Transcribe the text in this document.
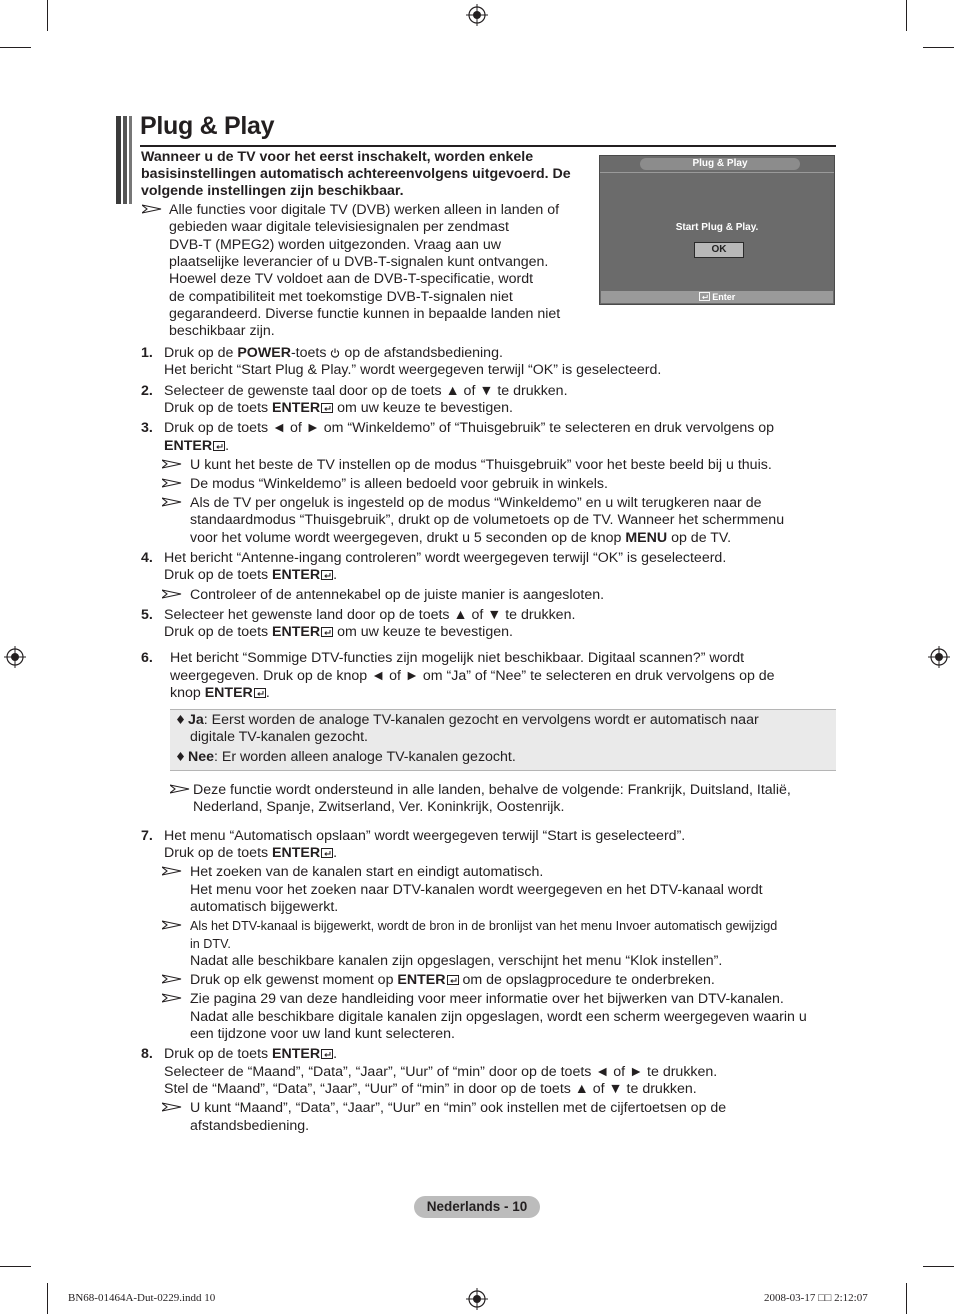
Plug & Play
Wanneer u de TV voor het eerst inschakelt, worden enkele
basisinstellingen automatisch achtereenvolgens uitgevoerd. De
volgende instellingen zijn beschikbaar.
Alle functies voor digitale TV (DVB) werken alleen in landen of
gebieden waar digitale televisiesignalen per zendmast
DVB-T (MPEG2) worden uitgezonden. Vraag aan uw
plaatselijke leverancier of u DVB-T-signalen kunt ontvangen.
Hoewel deze TV voldoet aan de DVB-T-specificatie, wordt
de compatibiliteit met toekomstige DVB-T-signalen niet
gegarandeerd. Diverse functie kunnen in bepaalde landen niet
beschikbaar zijn.
Plug & Play
Start Plug & Play.
OK
Enter
1. Druk op de POWER-toets op de afstandsbediening.
Het bericht “Start Plug & Play.” wordt weergegeven terwijl “OK” is geselecteerd.
2. Selecteer de gewenste taal door op de toets ▲ of ▼ te drukken.
Druk op de toets ENTER om uw keuze te bevestigen.
3. Druk op de toets ◄ of ► om “Winkeldemo” of “Thuisgebruik” te selecteren en druk vervolgens op
ENTER .
U kunt het beste de TV instellen op de modus “Thuisgebruik” voor het beste beeld bij u thuis.
De modus “Winkeldemo” is alleen bedoeld voor gebruik in winkels.
Als de TV per ongeluk is ingesteld op de modus “Winkeldemo” en u wilt terugkeren naar de
standaardmodus “Thuisgebruik”, drukt op de volumetoets op de TV. Wanneer het schermmenu
voor het volume wordt weergegeven, drukt u 5 seconden op de knop MENU op de TV.
4. Het bericht “Antenne-ingang controleren” wordt weergegeven terwijl “OK” is geselecteerd.
Druk op de toets ENTER .
Controleer of de antennekabel op de juiste manier is aangesloten.
5. Selecteer het gewenste land door op de toets ▲ of ▼ te drukken.
Druk op de toets ENTER om uw keuze te bevestigen.
6. Het bericht “Sommige DTV-functies zijn mogelijk niet beschikbaar. Digitaal scannen?” wordt
weergegeven. Druk op de knop ◄ of ► om “Ja” of “Nee” te selecteren en druk vervolgens op de
knop ENTER .
Ja: Eerst worden de analoge TV-kanalen gezocht en vervolgens wordt er automatisch naar
digitale TV-kanalen gezocht.
Nee: Er worden alleen analoge TV-kanalen gezocht.
Deze functie wordt ondersteund in alle landen, behalve de volgende: Frankrijk, Duitsland, Italië,
Nederland, Spanje, Zwitserland, Ver. Koninkrijk, Oostenrijk.
7. Het menu “Automatisch opslaan” wordt weergegeven terwijl “Start is geselecteerd”.
Druk op de toets ENTER .
Het zoeken van de kanalen start en eindigt automatisch.
Het menu voor het zoeken naar DTV-kanalen wordt weergegeven en het DTV-kanaal wordt
automatisch bijgewerkt.
Als het DTV-kanaal is bijgewerkt, wordt de bron in de bronlijst van het menu Invoer automatisch gewijzigd
in DTV.
Nadat alle beschikbare kanalen zijn opgeslagen, verschijnt het menu “Klok instellen”.
Druk op elk gewenst moment op ENTER om de opslagprocedure te onderbreken.
Zie pagina 29 van deze handleiding voor meer informatie over het bijwerken van DTV-kanalen.
Nadat alle beschikbare digitale kanalen zijn opgeslagen, wordt een scherm weergegeven waarin u
een tijdzone voor uw land kunt selecteren.
8. Druk op de toets ENTER .
Selecteer de “Maand”, “Data”, “Jaar”, “Uur” of “min” door op de toets ◄ of ► te drukken.
Stel de “Maand”, “Data”, “Jaar”, “Uur” of “min” in door op de toets ▲ of ▼ te drukken.
U kunt “Maand”, “Data”, “Jaar”, “Uur” en “min” ook instellen met de cijfertoetsen op de
afstandsbediening.
Nederlands - 10
BN68-01464A-Dut-0229.indd 10	2008-03-17 □□ 2:12:07
